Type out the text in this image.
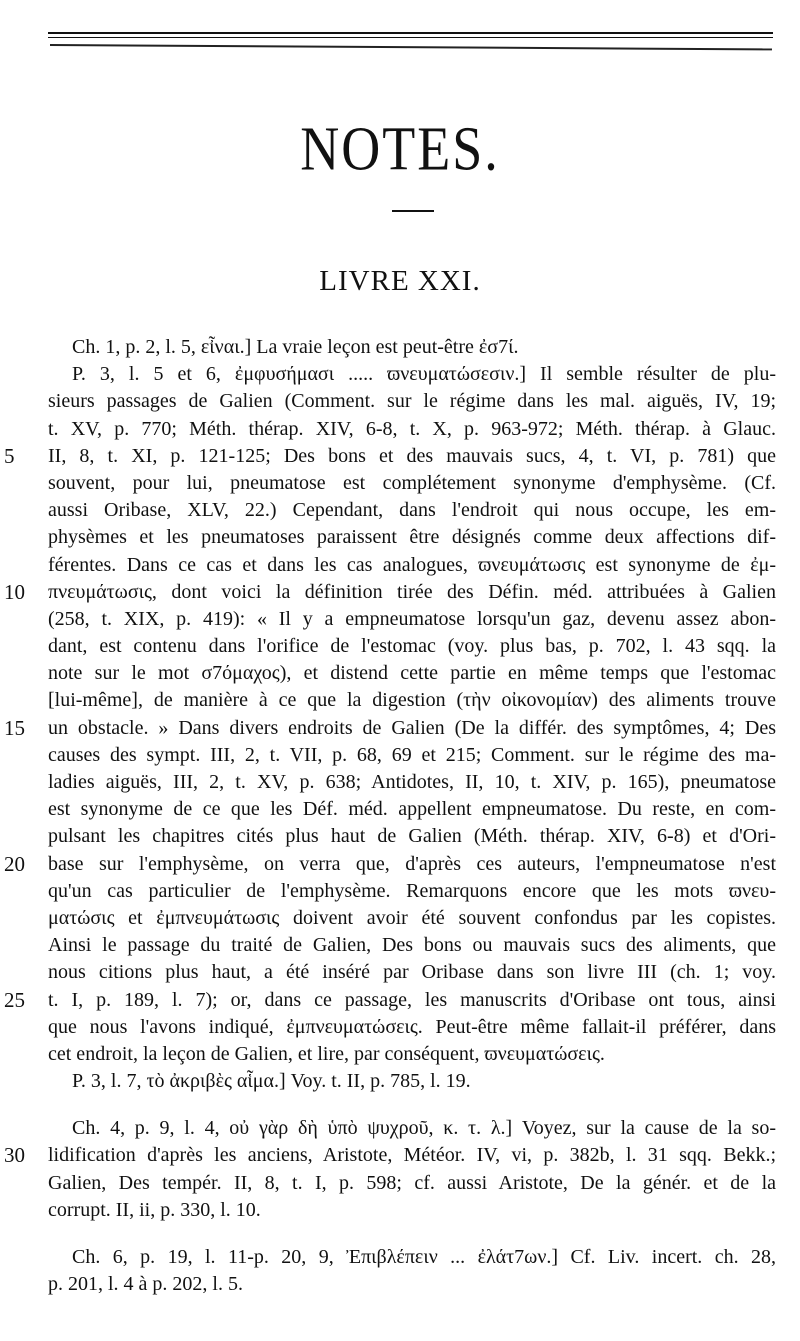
NOTES.
LIVRE XXI.
Ch. 1, p. 2, l. 5, εἶναι.] La vraie leçon est peut-être ἐσ7ί.
P. 3, l. 5 et 6, ἐμφυσήμασι ..... ϖνευματώσεσιν.] Il semble résulter de plu-
sieurs passages de Galien (Comment. sur le régime dans les mal. aiguës, IV, 19;
t. XV, p. 770; Méth. thérap. XIV, 6-8, t. X, p. 963-972; Méth. thérap. à Glauc.
5	II, 8, t. XI, p. 121-125; Des bons et des mauvais sucs, 4, t. VI, p. 781) que
souvent, pour lui, pneumatose est complétement synonyme d'emphysème. (Cf.
aussi Oribase, XLV, 22.) Cependant, dans l'endroit qui nous occupe, les em-
physèmes et les pneumatoses paraissent être désignés comme deux affections dif-
férentes. Dans ce cas et dans les cas analogues, ϖνευμάτωσις est synonyme de ἐμ-
10	πνευμάτωσις, dont voici la définition tirée des Défin. méd. attribuées à Galien
(258, t. XIX, p. 419): « Il y a empneumatose lorsqu'un gaz, devenu assez abon-
dant, est contenu dans l'orifice de l'estomac (voy. plus bas, p. 702, l. 43 sqq. la
note sur le mot σ7όμαχος), et distend cette partie en même temps que l'estomac
[lui-même], de manière à ce que la digestion (τὴν οἰκονομίαν) des aliments trouve
15	un obstacle. » Dans divers endroits de Galien (De la différ. des symptômes, 4; Des
causes des sympt. III, 2, t. VII, p. 68, 69 et 215; Comment. sur le régime des ma-
ladies aiguës, III, 2, t. XV, p. 638; Antidotes, II, 10, t. XIV, p. 165), pneumatose
est synonyme de ce que les Déf. méd. appellent empneumatose. Du reste, en com-
pulsant les chapitres cités plus haut de Galien (Méth. thérap. XIV, 6-8) et d'Ori-
20	base sur l'emphysème, on verra que, d'après ces auteurs, l'empneumatose n'est
qu'un cas particulier de l'emphysème. Remarquons encore que les mots ϖνευ-
ματώσις et ἐμπνευμάτωσις doivent avoir été souvent confondus par les copistes.
Ainsi le passage du traité de Galien, Des bons ou mauvais sucs des aliments, que
nous citions plus haut, a été inséré par Oribase dans son livre III (ch. 1; voy.
25	t. I, p. 189, l. 7); or, dans ce passage, les manuscrits d'Oribase ont tous, ainsi
que nous l'avons indiqué, ἐμπνευματώσεις. Peut-être même fallait-il préférer, dans
cet endroit, la leçon de Galien, et lire, par conséquent, ϖνευματώσεις.
P. 3, l. 7, τὸ ἀκριβὲς αἷμα.] Voy. t. II, p. 785, l. 19.
Ch. 4, p. 9, l. 4, οὐ γὰρ δὴ ὑπὸ ψυχροῦ, κ. τ. λ.] Voyez, sur la cause de la so-
30	lidification d'après les anciens, Aristote, Météor. IV, vi, p. 382b, l. 31 sqq. Bekk.;
Galien, Des tempér. II, 8, t. I, p. 598; cf. aussi Aristote, De la génér. et de la
corrupt. II, ii, p. 330, l. 10.
Ch. 6, p. 19, l. 11-p. 20, 9, Ἐπιβλέπειν ... ἐλάτ7ων.] Cf. Liv. incert. ch. 28,
p. 201, l. 4 à p. 202, l. 5.
